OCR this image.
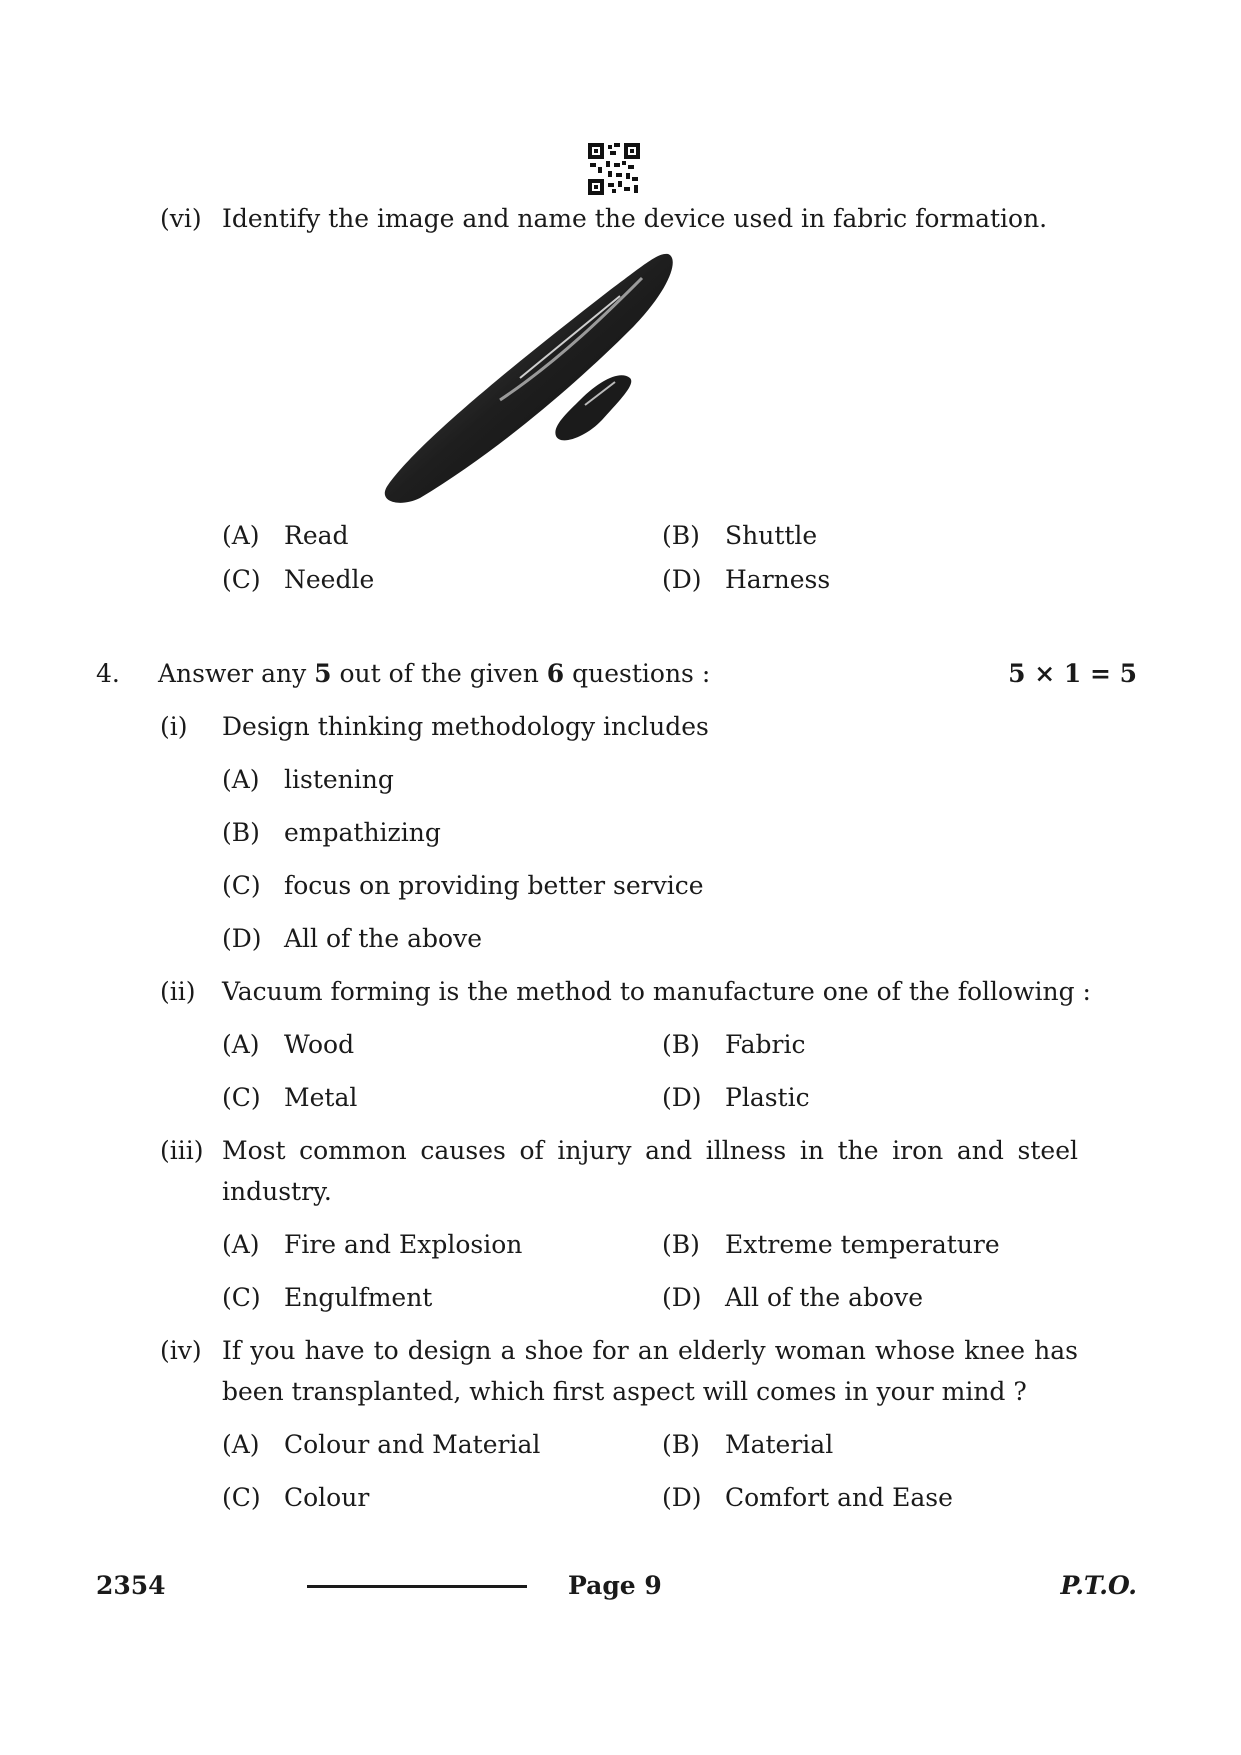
(vi) Identify the image and name the device used in fabric formation.
(A) Read	(B) Shuttle
(C) Needle	(D) Harness
4. Answer any 5 out of the given 6 questions :	5 × 1 = 5
(i) Design thinking methodology includes
(A) listening
(B) empathizing
(C) focus on providing better service
(D) All of the above
(ii) Vacuum forming is the method to manufacture one of the following :
(A) Wood	(B) Fabric
(C) Metal	(D) Plastic
(iii) Most common causes of injury and illness in the iron and steel
industry.
(A) Fire and Explosion	(B) Extreme temperature
(C) Engulfment	(D) All of the above
(iv) If you have to design a shoe for an elderly woman whose knee has
been transplanted, which first aspect will comes in your mind ?
(A) Colour and Material	(B) Material
(C) Colour	(D) Comfort and Ease
2354	Page 9	P.T.O.
